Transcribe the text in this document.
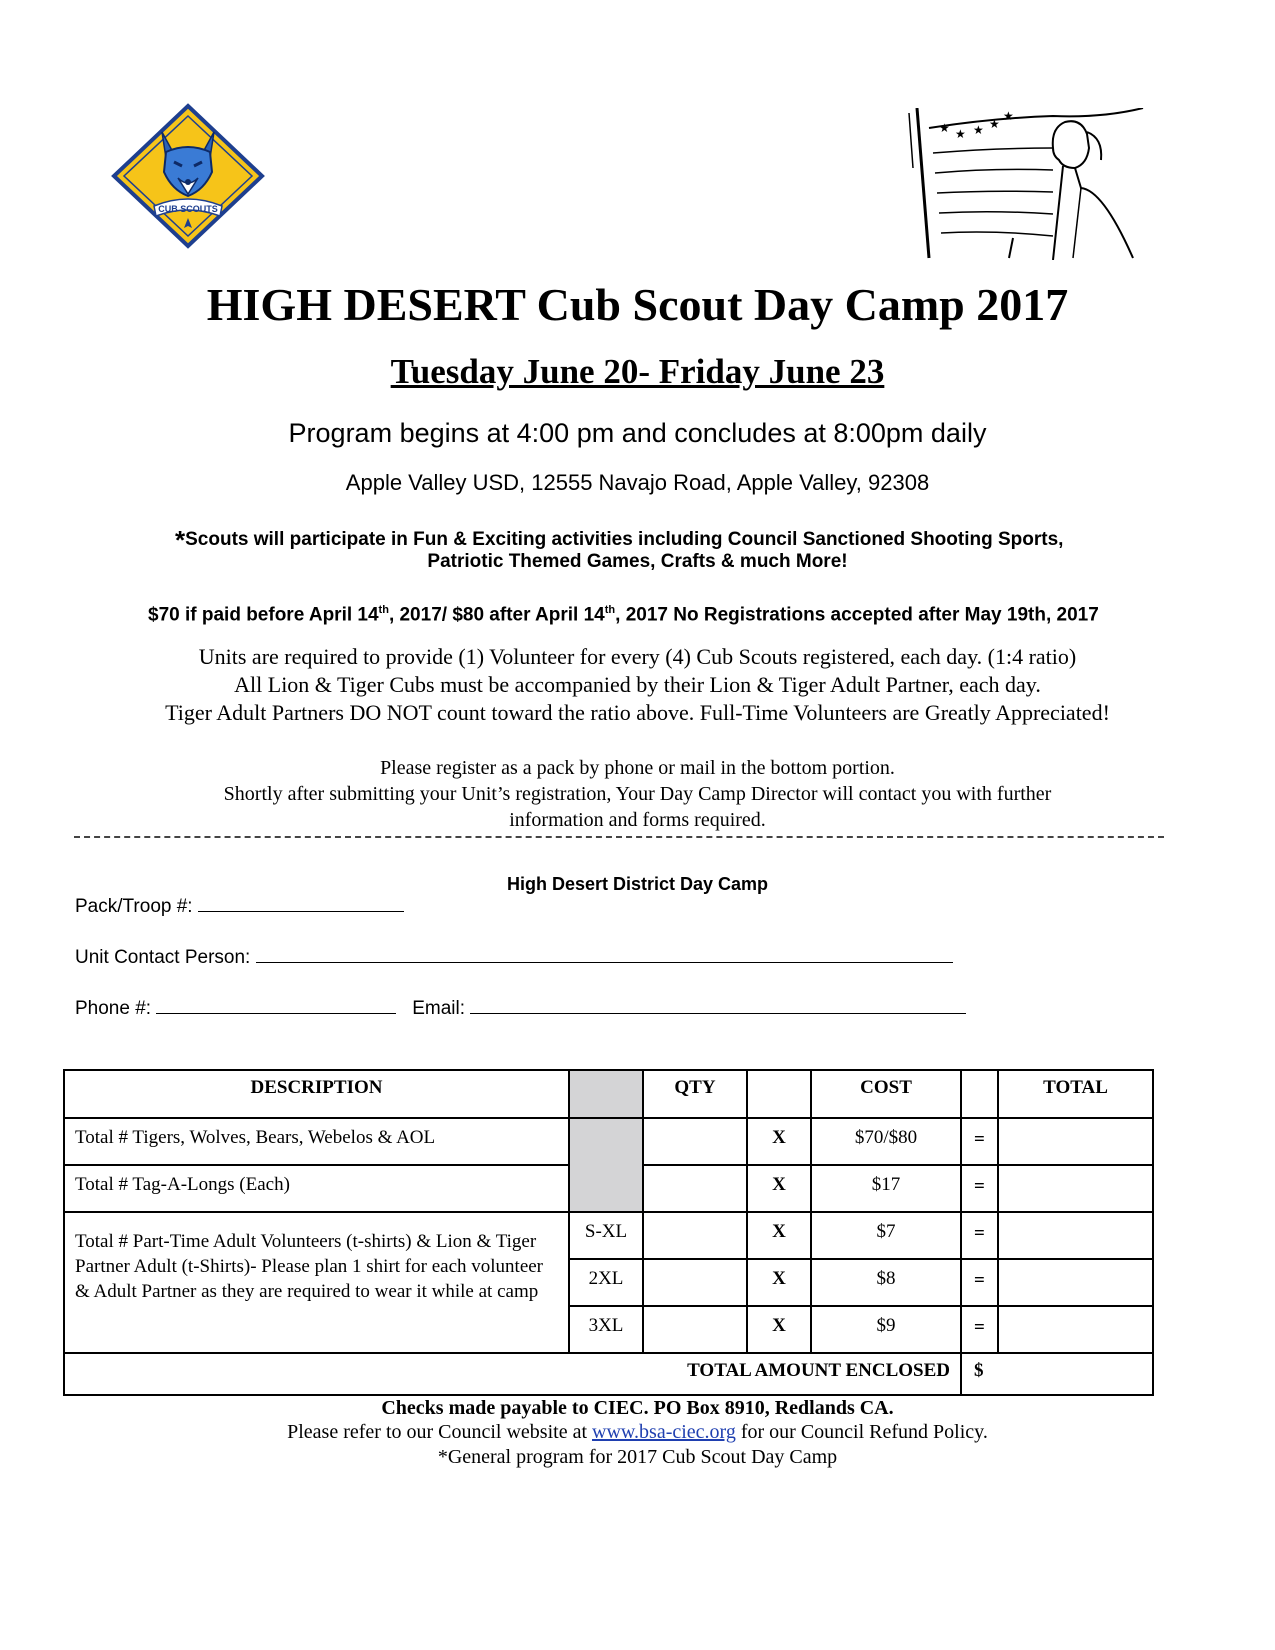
CUB SCOUTS
★ ★ ★ ★
★
HIGH DESERT Cub Scout Day Camp 2017
Tuesday June 20- Friday June 23
Program begins at 4:00 pm and concludes at 8:00pm daily
Apple Valley USD, 12555 Navajo Road, Apple Valley, 92308
*Scouts will participate in Fun & Exciting activities including Council Sanctioned Shooting Sports,
Patriotic Themed Games, Crafts & much More!
$70 if paid before April 14th, 2017/ $80 after April 14th, 2017 No Registrations accepted after May 19th, 2017
Units are required to provide (1) Volunteer for every (4) Cub Scouts registered, each day. (1:4 ratio)
All Lion & Tiger Cubs must be accompanied by their Lion & Tiger Adult Partner, each day.
Tiger Adult Partners DO NOT count toward the ratio above. Full-Time Volunteers are Greatly Appreciated!
Please register as a pack by phone or mail in the bottom portion.
Shortly after submitting your Unit’s registration, Your Day Camp Director will contact you with further
information and forms required.
High Desert District Day Camp
Pack/Troop #:
Unit Contact Person:
Phone #:	Email:
DESCRIPTION		QTY		COST		TOTAL
Total # Tigers, Wolves, Bears, Webelos & AOL			X	$70/$80	=	
Total # Tag-A-Longs (Each)			X	$17	=	
Total # Part-Time Adult Volunteers (t-shirts) & Lion & Tiger Partner Adult (t-Shirts)- Please plan 1 shirt for each volunteer & Adult Partner as they are required to wear it while at camp	S-XL		X	$7	=	
	2XL		X	$8	=	
	3XL		X	$9	=	
TOTAL AMOUNT ENCLOSED					$	
Checks made payable to CIEC. PO Box 8910, Redlands CA.
Please refer to our Council website at www.bsa-ciec.org for our Council Refund Policy.
*General program for 2017 Cub Scout Day Camp
